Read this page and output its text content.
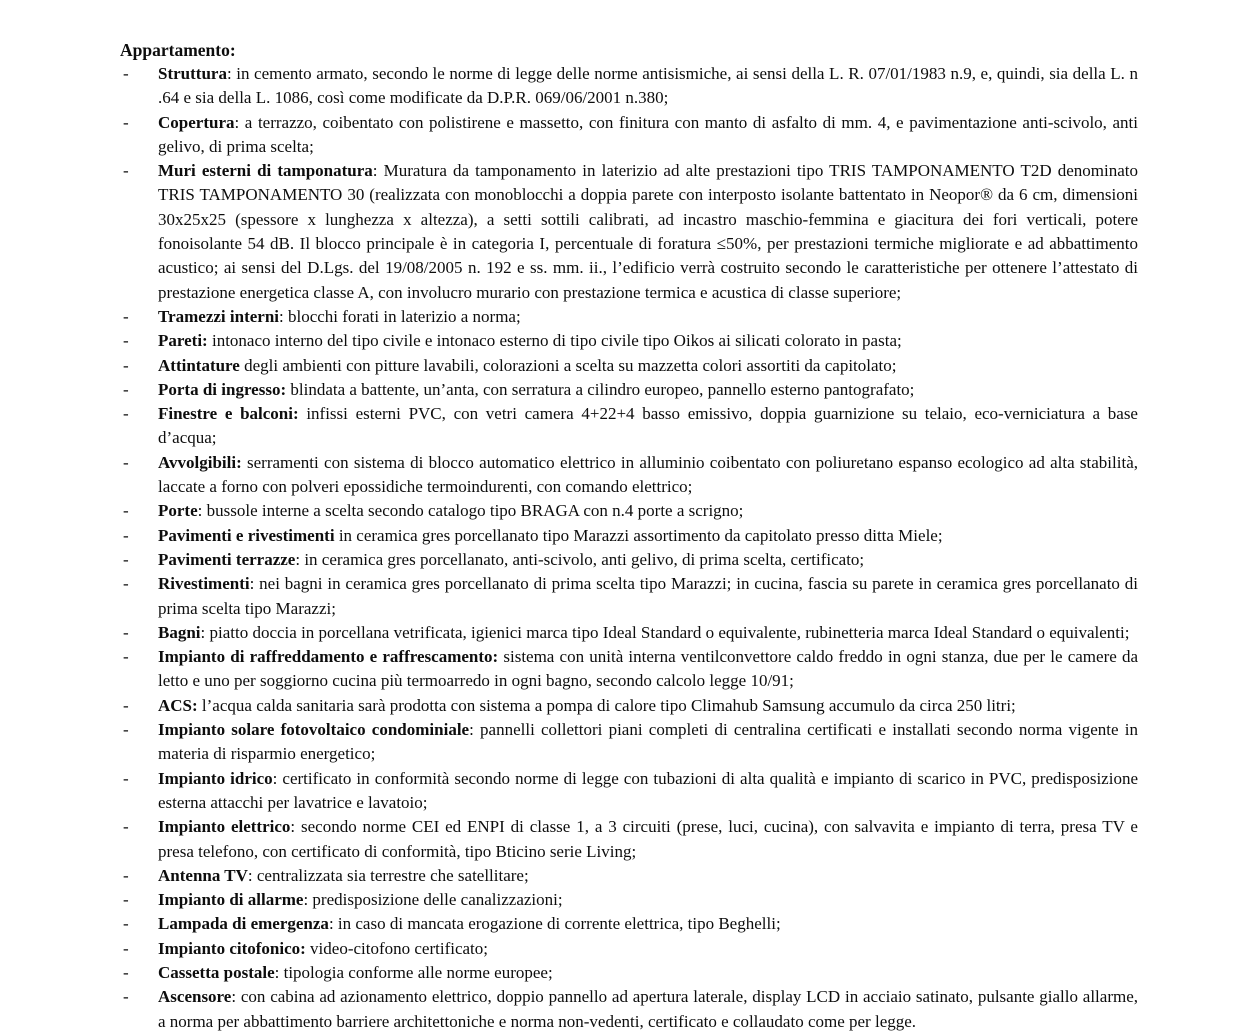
Appartamento:
- Struttura: in cemento armato, secondo le norme di legge delle norme antisismiche, ai sensi della L. R. 07/01/1983 n.9, e, quindi, sia della L. n .64 e sia della L. 1086, così come modificate da D.P.R. 069/06/2001 n.380;
- Copertura: a terrazzo, coibentato con polistirene e massetto, con finitura con manto di asfalto di mm. 4, e pavimentazione anti-scivolo, anti gelivo, di prima scelta;
- Muri esterni di tamponatura: Muratura da tamponamento in laterizio ad alte prestazioni tipo TRIS TAMPONAMENTO T2D denominato TRIS TAMPONAMENTO 30 (realizzata con monoblocchi a doppia parete con interposto isolante battentato in Neopor® da 6 cm, dimensioni 30x25x25 (spessore x lunghezza x altezza), a setti sottili calibrati, ad incastro maschio-femmina e giacitura dei fori verticali, potere fonoisolante 54 dB. Il blocco principale è in categoria I, percentuale di foratura ≤50%, per prestazioni termiche migliorate e ad abbattimento acustico; ai sensi del D.Lgs. del 19/08/2005 n. 192 e ss. mm. ii., l’edificio verrà costruito secondo le caratteristiche per ottenere l’attestato di prestazione energetica classe A, con involucro murario con prestazione termica e acustica di classe superiore;
- Tramezzi interni: blocchi forati in laterizio a norma;
- Pareti: intonaco interno del tipo civile e intonaco esterno di tipo civile tipo Oikos ai silicati colorato in pasta;
- Attintature degli ambienti con pitture lavabili, colorazioni a scelta su mazzetta colori assortiti da capitolato;
- Porta di ingresso: blindata a battente, un’anta, con serratura a cilindro europeo, pannello esterno pantografato;
- Finestre e balconi: infissi esterni PVC, con vetri camera 4+22+4 basso emissivo, doppia guarnizione su telaio, eco-verniciatura a base d’acqua;
- Avvolgibili: serramenti con sistema di blocco automatico elettrico in alluminio coibentato con poliuretano espanso ecologico ad alta stabilità, laccate a forno con polveri epossidiche termoindurenti, con comando elettrico;
- Porte: bussole interne a scelta secondo catalogo tipo BRAGA con n.4 porte a scrigno;
- Pavimenti e rivestimenti in ceramica gres porcellanato tipo Marazzi assortimento da capitolato presso ditta Miele;
- Pavimenti terrazze: in ceramica gres porcellanato, anti-scivolo, anti gelivo, di prima scelta, certificato;
- Rivestimenti: nei bagni in ceramica gres porcellanato di prima scelta tipo Marazzi; in cucina, fascia su parete in ceramica gres porcellanato di prima scelta tipo Marazzi;
- Bagni: piatto doccia in porcellana vetrificata, igienici marca tipo Ideal Standard o equivalente, rubinetteria marca Ideal Standard o equivalenti;
- Impianto di raffreddamento e raffrescamento: sistema con unità interna ventilconvettore caldo freddo in ogni stanza, due per le camere da letto e uno per soggiorno cucina più termoarredo in ogni bagno, secondo calcolo legge 10/91;
- ACS: l’acqua calda sanitaria sarà prodotta con sistema a pompa di calore tipo Climahub Samsung accumulo da circa 250 litri;
- Impianto solare fotovoltaico condominiale: pannelli collettori piani completi di centralina certificati e installati secondo norma vigente in materia di risparmio energetico;
- Impianto idrico: certificato in conformità secondo norme di legge con tubazioni di alta qualità e impianto di scarico in PVC, predisposizione esterna attacchi per lavatrice e lavatoio;
- Impianto elettrico: secondo norme CEI ed ENPI di classe 1, a 3 circuiti (prese, luci, cucina), con salvavita e impianto di terra, presa TV e presa telefono, con certificato di conformità, tipo Bticino serie Living;
- Antenna TV: centralizzata sia terrestre che satellitare;
- Impianto di allarme: predisposizione delle canalizzazioni;
- Lampada di emergenza: in caso di mancata erogazione di corrente elettrica, tipo Beghelli;
- Impianto citofonico: video-citofono certificato;
- Cassetta postale: tipologia conforme alle norme europee;
- Ascensore: con cabina ad azionamento elettrico, doppio pannello ad apertura laterale, display LCD in acciaio satinato, pulsante giallo allarme, a norma per abbattimento barriere architettoniche e norma non-vedenti, certificato e collaudato come per legge.
